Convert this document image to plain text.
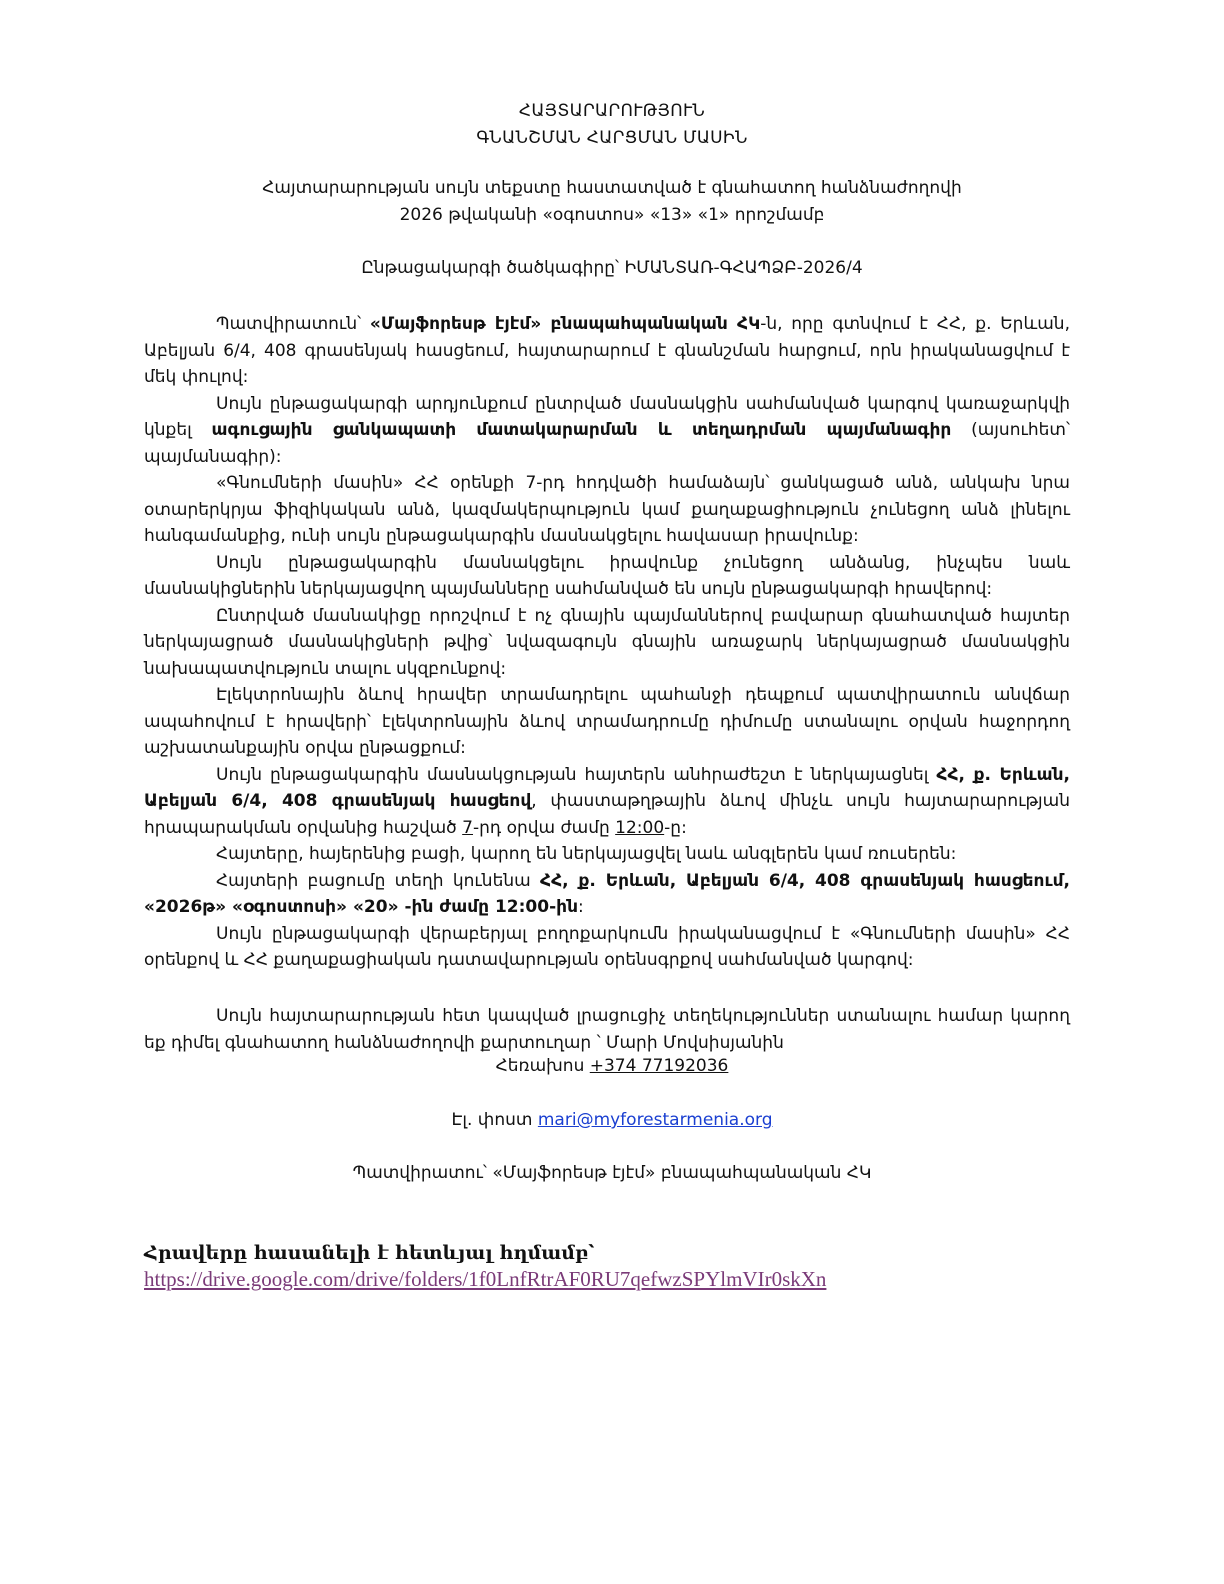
ՀԱՅՏԱՐԱՐՈՒԹՅՈՒՆ
ԳՆԱՆՇՄԱՆ ՀԱՐՑՄԱՆ ՄԱՍԻՆ
Հայտարարության սույն տեքստը հաստատված է գնահատող հանձնաժողովի
2026 թվականի «օգոստոս» «13» «1» որոշմամբ
Ընթացակարգի ծածկագիրը՝ ԻՄԱՆՏԱՌ-ԳՀԱՊՁԲ-2026/4

Պատվիրատուն՝ «Մայֆորեսթ էյէմ» բնապահպանական ՀԿ-ն, որը գտնվում է ՀՀ, ք. Երևան, Աբելյան 6/4, 408 գրասենյակ հասցեում, հայտարարում է գնանշման հարցում, որն իրականացվում է մեկ փուլով:

Սույն ընթացակարգի արդյունքում ընտրված մասնակցին սահմանված կարգով կառաջարկվի կնքել ագուցային ցանկապատի մատակարարման և տեղադրման պայմանագիր (այսուհետ՝ պայմանագիր):

«Գնումների մասին» ՀՀ օրենքի 7-րդ հոդվածի համաձայն՝ ցանկացած անձ, անկախ նրա օտարերկրյա ֆիզիկական անձ, կազմակերպություն կամ քաղաքացիություն չունեցող անձ լինելու հանգամանքից, ունի սույն ընթացակարգին մասնակցելու հավասար իրավունք:

Սույն ընթացակարգին մասնակցելու իրավունք չունեցող անձանց, ինչպես նաև մասնակիցներին ներկայացվող պայմանները սահմանված են սույն ընթացակարգի հրավերով:

Ընտրված մասնակիցը որոշվում է ոչ գնային պայմաններով բավարար գնահատված հայտեր ներկայացրած մասնակիցների թվից՝ նվազագույն գնային առաջարկ ներկայացրած մասնակցին նախապատվություն տալու սկզբունքով:

Էլեկտրոնային ձևով հրավեր տրամադրելու պահանջի դեպքում պատվիրատուն անվճար ապահովում է հրավերի՝ էլեկտրոնային ձևով տրամադրումը դիմումը ստանալու օրվան հաջորդող աշխատանքային օրվա ընթացքում:

Սույն ընթացակարգին մասնակցության հայտերն անհրաժեշտ է ներկայացնել ՀՀ, ք. Երևան, Աբելյան 6/4, 408 գրասենյակ հասցեով, փաստաթղթային ձևով մինչև սույն հայտարարության հրապարակման օրվանից հաշված 7-րդ օրվա ժամը 12:00-ը:

Հայտերը, հայերենից բացի, կարող են ներկայացվել նաև անգլերեն կամ ռուսերեն:

Հայտերի բացումը տեղի կունենա ՀՀ, ք. Երևան, Աբելյան 6/4, 408 գրասենյակ հասցեում, «2026թ» «օգոստոսի» «20» -ին ժամը 12:00-ին:

Սույն ընթացակարգի վերաբերյալ բողոքարկումն իրականացվում է «Գնումների մասին» ՀՀ օրենքով և ՀՀ քաղաքացիական դատավարության օրենսգրքով սահմանված կարգով:

Սույն հայտարարության հետ կապված լրացուցիչ տեղեկություններ ստանալու համար կարող եք դիմել գնահատող հանձնաժողովի քարտուղար ՝ Մարի Մովսիսյանին

Հեռախոս +374 77192036
Էլ. փոստ mari@myforestarmenia.org
Պատվիրատու՝ «Մայֆորեսթ էյէմ» բնապահպանական ՀԿ
Հրավերը հասանելի է հետևյալ հղմամբ՝
https://drive.google.com/drive/folders/1f0LnfRtrAF0RU7qefwzSPYlmVIr0skXn
